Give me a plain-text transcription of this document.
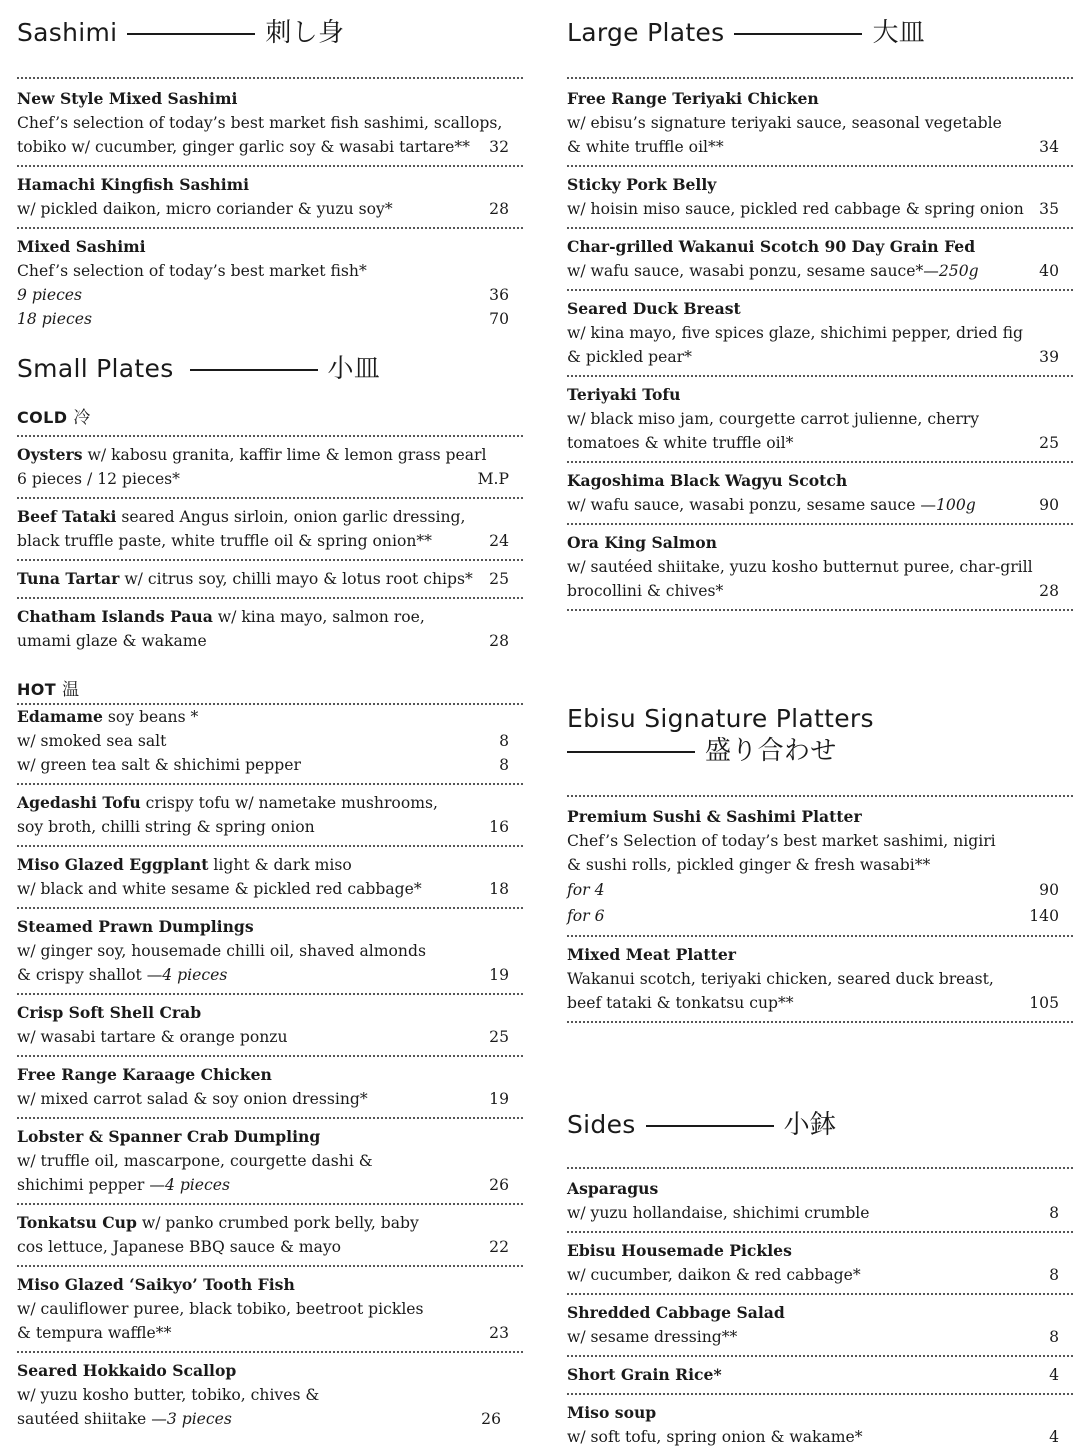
Sashimi	刺し身
New Style Mixed Sashimi
Chef’s selection of today’s best market fish sashimi, scallops,
tobiko w/ cucumber, ginger garlic soy & wasabi tartare** 32
Hamachi Kingfish Sashimi
w/ pickled daikon, micro coriander & yuzu soy*	28
Mixed Sashimi
Chef’s selection of today’s best market fish*
9 pieces	36
18 pieces	70
Small Plates	小皿
COLD 冷
Oysters w/ kabosu granita, kaffir lime & lemon grass pearl
6 pieces / 12 pieces*	M.P
Beef Tataki seared Angus sirloin, onion garlic dressing,
black truffle paste, white truffle oil & spring onion**	24
Tuna Tartar w/ citrus soy, chilli mayo & lotus root chips* 25
Chatham Islands Paua w/ kina mayo, salmon roe,
umami glaze & wakame	28
HOT 温
Edamame soy beans *
w/ smoked sea salt	8
w/ green tea salt & shichimi pepper	8
Agedashi Tofu crispy tofu w/ nametake mushrooms,
soy broth, chilli string & spring onion	16
Miso Glazed Eggplant light & dark miso
w/ black and white sesame & pickled red cabbage*	18
Steamed Prawn Dumplings
w/ ginger soy, housemade chilli oil, shaved almonds
& crispy shallot —4 pieces	19
Crisp Soft Shell Crab
w/ wasabi tartare & orange ponzu	25
Free Range Karaage Chicken
w/ mixed carrot salad & soy onion dressing*	19
Lobster & Spanner Crab Dumpling
w/ truffle oil, mascarpone, courgette dashi &
shichimi pepper —4 pieces	26
Tonkatsu Cup w/ panko crumbed pork belly, baby
cos lettuce, Japanese BBQ sauce & mayo	22
Miso Glazed ‘Saikyo’ Tooth Fish
w/ cauliflower puree, black tobiko, beetroot pickles
& tempura waffle**	23
Seared Hokkaido Scallop
w/ yuzu kosho butter, tobiko, chives &
sautéed shiitake —3 pieces	26
Large Plates	大皿
Free Range Teriyaki Chicken
w/ ebisu’s signature teriyaki sauce, seasonal vegetable
& white truffle oil**	34
Sticky Pork Belly
w/ hoisin miso sauce, pickled red cabbage & spring onion 35
Char-grilled Wakanui Scotch 90 Day Grain Fed
w/ wafu sauce, wasabi ponzu, sesame sauce*—250g	40
Seared Duck Breast
w/ kina mayo, five spices glaze, shichimi pepper, dried fig
& pickled pear*	39
Teriyaki Tofu
w/ black miso jam, courgette carrot julienne, cherry
tomatoes & white truffle oil*	25
Kagoshima Black Wagyu Scotch
w/ wafu sauce, wasabi ponzu, sesame sauce —100g	90
Ora King Salmon
w/ sautéed shiitake, yuzu kosho butternut puree, char-grill
brocollini & chives*	28
Ebisu Signature Platters
盛り合わせ
Premium Sushi & Sashimi Platter
Chef’s Selection of today’s best market sashimi, nigiri
& sushi rolls, pickled ginger & fresh wasabi**
for 4	90
for 6	140
Mixed Meat Platter
Wakanui scotch, teriyaki chicken, seared duck breast,
beef tataki & tonkatsu cup**	105
Sides	小鉢
Asparagus
w/ yuzu hollandaise, shichimi crumble	8
Ebisu Housemade Pickles
w/ cucumber, daikon & red cabbage*	8
Shredded Cabbage Salad
w/ sesame dressing**	8
Short Grain Rice*	4
Miso soup
w/ soft tofu, spring onion & wakame*	4
